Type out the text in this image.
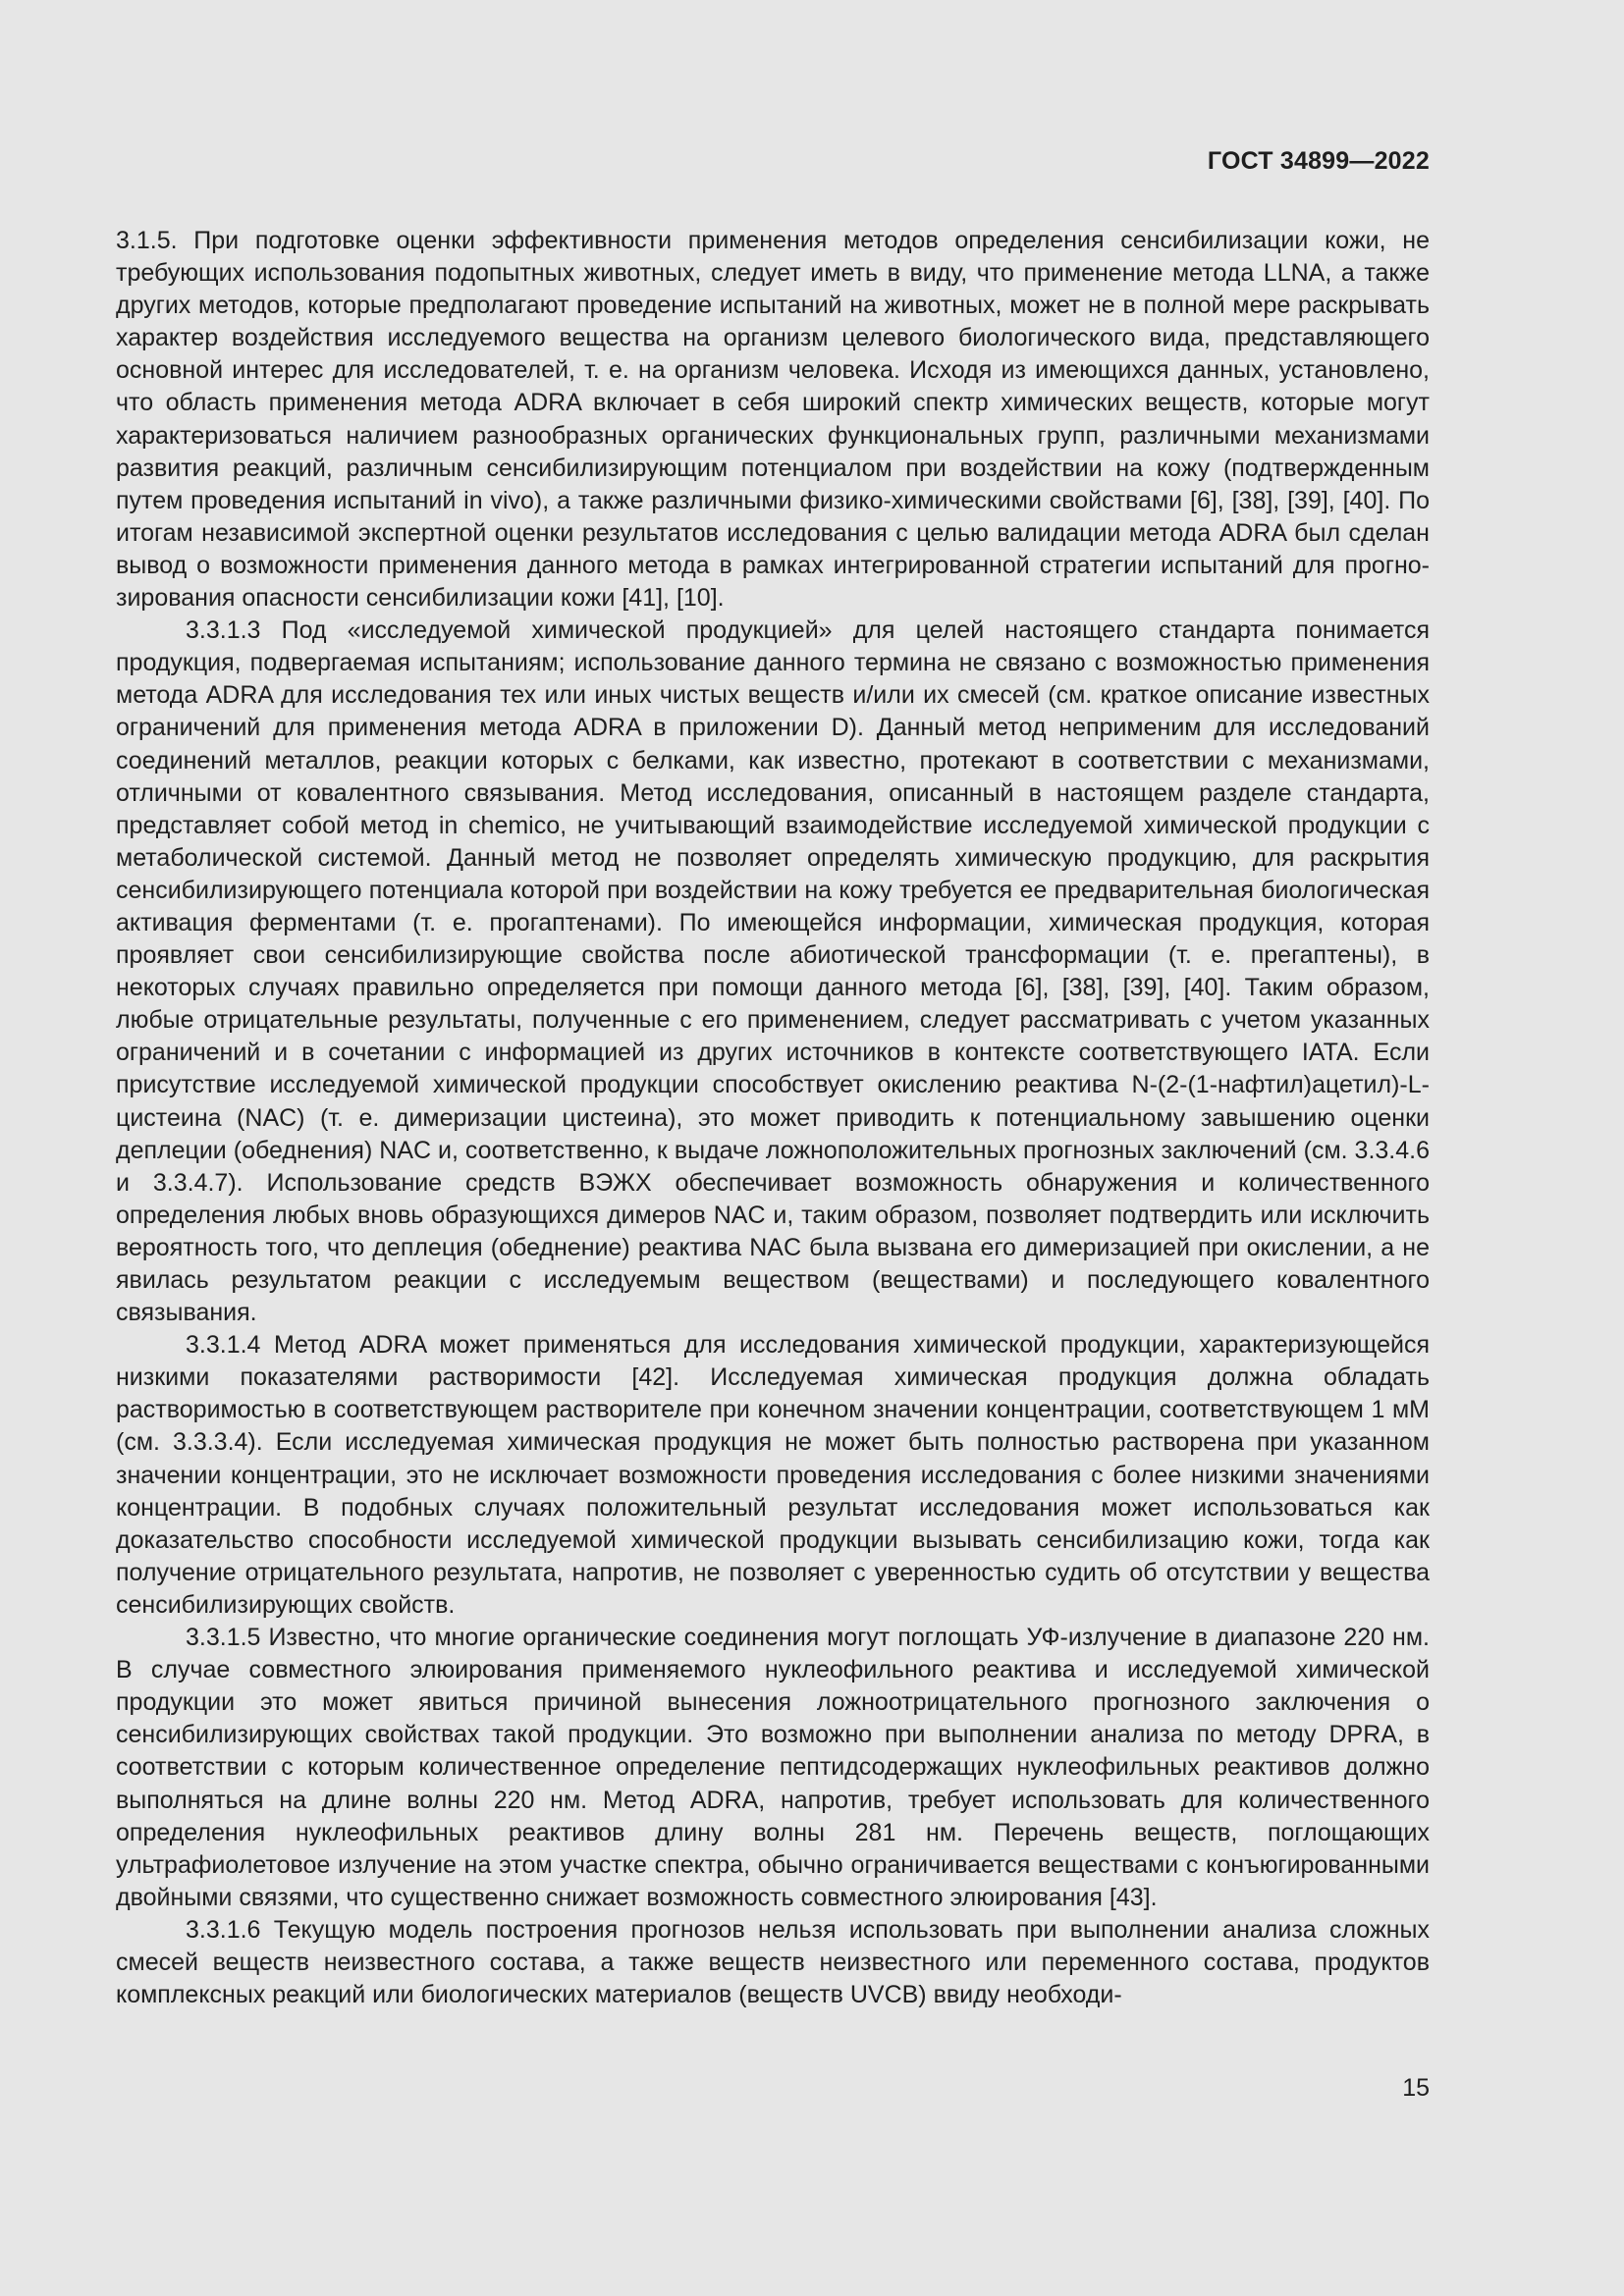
ГОСТ 34899—2022

3.1.5. При подготовке оценки эффективности применения методов определения сенсибилизации кожи, не требующих использования подопытных животных, следует иметь в виду, что применение метода LLNA, а также других методов, которые предполагают проведение испытаний на животных, может не в полной мере раскрывать характер воздействия исследуемого вещества на организм целевого биологического вида, представляющего основной интерес для исследователей, т. е. на организм человека. Исходя из имеющихся данных, установлено, что область применения метода ADRA включает в себя широкий спектр химических веществ, которые могут характеризоваться наличием разнообразных органических функциональных групп, различными механизмами развития реакций, различным сенсибилизирующим потенциалом при воздействии на кожу (подтвержденным путем проведения испытаний in vivo), а также различными физико-химическими свойствами [6], [38], [39], [40]. По итогам независимой экспертной оценки результатов исследования с целью валидации метода ADRA был сделан вывод о возможности применения данного метода в рамках интегрированной стратегии испытаний для прогнозирования опасности сенсибилизации кожи [41], [10].

3.3.1.3 Под «исследуемой химической продукцией» для целей настоящего стандарта понимается продукция, подвергаемая испытаниям; использование данного термина не связано с возможностью применения метода ADRA для исследования тех или иных чистых веществ и/или их смесей (см. краткое описание известных ограничений для применения метода ADRA в приложении D). Данный метод неприменим для исследований соединений металлов, реакции которых с белками, как известно, протекают в соответствии с механизмами, отличными от ковалентного связывания. Метод исследования, описанный в настоящем разделе стандарта, представляет собой метод in chemico, не учитывающий взаимодействие исследуемой химической продукции с метаболической системой. Данный метод не позволяет определять химическую продукцию, для раскрытия сенсибилизирующего потенциала которой при воздействии на кожу требуется ее предварительная биологическая активация ферментами (т. е. прогаптенами). По имеющейся информации, химическая продукция, которая проявляет свои сенсибилизирующие свойства после абиотической трансформации (т. е. прегаптены), в некоторых случаях правильно определяется при помощи данного метода [6], [38], [39], [40]. Таким образом, любые отрицательные результаты, полученные с его применением, следует рассматривать с учетом указанных ограничений и в сочетании с информацией из других источников в контексте соответствующего IATA. Если присутствие исследуемой химической продукции способствует окислению реактива N-(2-(1-нафтил)ацетил)-L-цистеина (NAC) (т. е. димеризации цистеина), это может приводить к потенциальному завышению оценки деплеции (обеднения) NAC и, соответственно, к выдаче ложноположительных прогнозных заключений (см. 3.3.4.6 и 3.3.4.7). Использование средств ВЭЖХ обеспечивает возможность обнаружения и количественного определения любых вновь образующихся димеров NAC и, таким образом, позволяет подтвердить или исключить вероятность того, что деплеция (обеднение) реактива NAC была вызвана его димеризацией при окислении, а не явилась результатом реакции с исследуемым веществом (веществами) и последующего ковалентного связывания.

3.3.1.4 Метод ADRA может применяться для исследования химической продукции, характеризующейся низкими показателями растворимости [42]. Исследуемая химическая продукция должна обладать растворимостью в соответствующем растворителе при конечном значении концентрации, соответствующем 1 мМ (см. 3.3.3.4). Если исследуемая химическая продукция не может быть полностью растворена при указанном значении концентрации, это не исключает возможности проведения исследования с более низкими значениями концентрации. В подобных случаях положительный результат исследования может использоваться как доказательство способности исследуемой химической продукции вызывать сенсибилизацию кожи, тогда как получение отрицательного результата, напротив, не позволяет с уверенностью судить об отсутствии у вещества сенсибилизирующих свойств.

3.3.1.5 Известно, что многие органические соединения могут поглощать УФ-излучение в диапазоне 220 нм. В случае совместного элюирования применяемого нуклеофильного реактива и исследуемой химической продукции это может явиться причиной вынесения ложноотрицательного прогнозного заключения о сенсибилизирующих свойствах такой продукции. Это возможно при выполнении анализа по методу DPRA, в соответствии с которым количественное определение пептидсодержащих нуклеофильных реактивов должно выполняться на длине волны 220 нм. Метод ADRA, напротив, требует использовать для количественного определения нуклеофильных реактивов длину волны 281 нм. Перечень веществ, поглощающих ультрафиолетовое излучение на этом участке спектра, обычно ограничивается веществами с конъюгированными двойными связями, что существенно снижает возможность совместного элюирования [43].

3.3.1.6 Текущую модель построения прогнозов нельзя использовать при выполнении анализа сложных смесей веществ неизвестного состава, а также веществ неизвестного или переменного состава, продуктов комплексных реакций или биологических материалов (веществ UVCB) ввиду необходи-

15
